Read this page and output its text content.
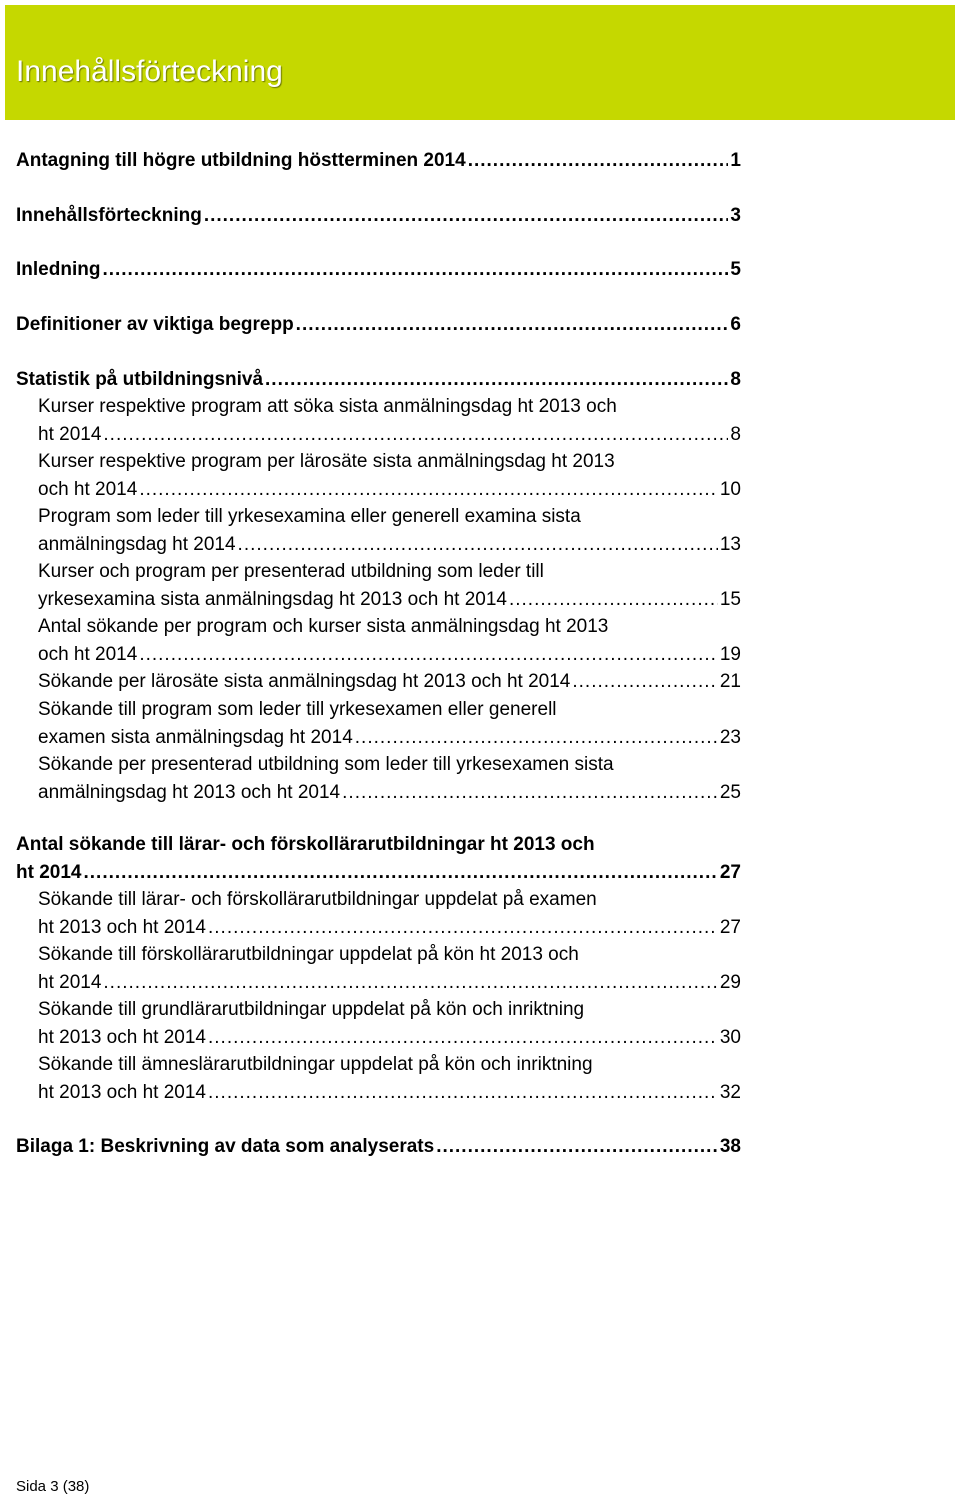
Innehållsförteckning
Antagning till högre utbildning höstterminen 2014 .....	1
Innehållsförteckning .....	3
Inledning .....	5
Definitioner av viktiga begrepp .....	6
Statistik på utbildningsnivå .....	8
Kurser respektive program att söka sista anmälningsdag ht 2013 och
ht 2014 .....	8
Kurser respektive program per lärosäte sista anmälningsdag ht 2013
och ht 2014 .....	10
Program som leder till yrkesexamina eller generell examina sista
anmälningsdag ht 2014 .....	13
Kurser och program per presenterad utbildning som leder till
yrkesexamina sista anmälningsdag ht 2013 och ht 2014 .....	15
Antal sökande per program och kurser sista anmälningsdag ht 2013
och ht 2014 .....	19
Sökande per lärosäte sista anmälningsdag ht 2013 och ht 2014 .....	21
Sökande till program som leder till yrkesexamen eller generell
examen sista anmälningsdag ht 2014 .....	23
Sökande per presenterad utbildning som leder till yrkesexamen sista
anmälningsdag ht 2013 och ht 2014 .....	25
Antal sökande till lärar- och förskollärarutbildningar ht 2013 och
ht 2014 .....	27
Sökande till lärar- och förskollärarutbildningar uppdelat på examen
ht 2013 och ht 2014 .....	27
Sökande till förskollärarutbildningar uppdelat på kön ht 2013 och
ht 2014 .....	29
Sökande till grundlärarutbildningar uppdelat på kön och inriktning
ht 2013 och ht 2014 .....	30
Sökande till ämneslärarutbildningar uppdelat på kön och inriktning
ht 2013 och ht 2014 .....	32
Bilaga 1: Beskrivning av data som analyserats .....	38
Sida 3 (38)
